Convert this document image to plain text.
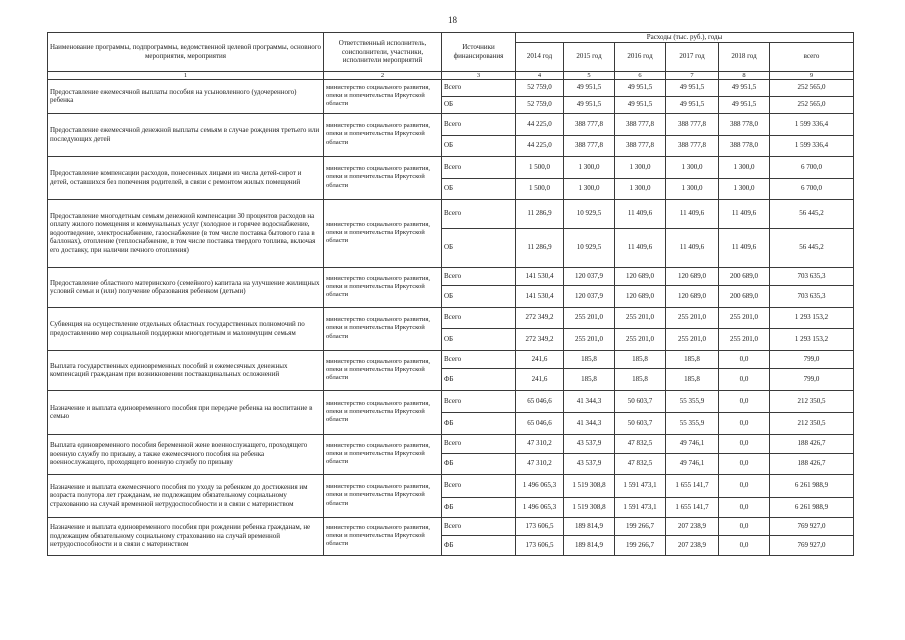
18
Наименование программы, подпрограммы, ведомственной целевой программы, основного мероприятия, мероприятия	Ответственный исполнитель, соисполнители, участники, исполнители мероприятий	Источники финансирования	Расходы (тыс. руб.), годы					
			2014 год	2015 год	2016 год	2017 год	2018 год	всего
1	2	3	4	5	6	7	8	9
Предоставление ежемесячной выплаты пособия на усыновленного (удочеренного) ребенка	министерство социального развития, опеки и попечительства Иркутской области	Всего	52 759,0	49 951,5	49 951,5	49 951,5	49 951,5	252 565,0
		ОБ	52 759,0	49 951,5	49 951,5	49 951,5	49 951,5	252 565,0
Предоставление ежемесячной денежной выплаты семьям в случае рождения третьего или последующих детей	министерство социального развития, опеки и попечительства Иркутской области	Всего	44 225,0	388 777,8	388 777,8	388 777,8	388 778,0	1 599 336,4
		ОБ	44 225,0	388 777,8	388 777,8	388 777,8	388 778,0	1 599 336,4
Предоставление компенсации расходов, понесенных лицами из числа детей-сирот и детей, оставшихся без попечения родителей, в связи с ремонтом жилых помещений	министерство социального развития, опеки и попечительства Иркутской области	Всего	1 500,0	1 300,0	1 300,0	1 300,0	1 300,0	6 700,0
		ОБ	1 500,0	1 300,0	1 300,0	1 300,0	1 300,0	6 700,0
Предоставление многодетным семьям денежной компенсации 30 процентов расходов на оплату жилого помещения и коммунальных услуг (холодное и горячее водоснабжение, водоотведение, электроснабжение, газоснабжение (в том числе поставка бытового газа в баллонах), отопление (теплоснабжение, в том числе поставка твердого топлива, включая его доставку, при наличии печного отопления)	министерство социального развития, опеки и попечительства Иркутской области	Всего	11 286,9	10 929,5	11 409,6	11 409,6	11 409,6	56 445,2
		ОБ	11 286,9	10 929,5	11 409,6	11 409,6	11 409,6	56 445,2
Предоставление областного материнского (семейного) капитала на улучшение жилищных условий семьи и (или) получение образования ребенком (детьми)	министерство социального развития, опеки и попечительства Иркутской области	Всего	141 530,4	120 037,9	120 689,0	120 689,0	200 689,0	703 635,3
		ОБ	141 530,4	120 037,9	120 689,0	120 689,0	200 689,0	703 635,3
Субвенция на осуществление отдельных областных государственных полномочий по предоставлению мер социальной поддержки многодетным и малоимущим семьям	министерство социального развития, опеки и попечительства Иркутской области	Всего	272 349,2	255 201,0	255 201,0	255 201,0	255 201,0	1 293 153,2
		ОБ	272 349,2	255 201,0	255 201,0	255 201,0	255 201,0	1 293 153,2
Выплата государственных единовременных пособий и ежемесячных денежных компенсаций гражданам при возникновении поствакцинальных осложнений	министерство социального развития, опеки и попечительства Иркутской области	Всего	241,6	185,8	185,8	185,8	0,0	799,0
		ФБ	241,6	185,8	185,8	185,8	0,0	799,0
Назначение и выплата единовременного пособия при передаче ребенка на воспитание в семью	министерство социального развития, опеки и попечительства Иркутской области	Всего	65 046,6	41 344,3	50 603,7	55 355,9	0,0	212 350,5
		ФБ	65 046,6	41 344,3	50 603,7	55 355,9	0,0	212 350,5
Выплата единовременного пособия беременной жене военнослужащего, проходящего военную службу по призыву, а также ежемесячного пособия на ребенка военнослужащего, проходящего военную службу по призыву	министерство социального развития, опеки и попечительства Иркутской области	Всего	47 310,2	43 537,9	47 832,5	49 746,1	0,0	188 426,7
		ФБ	47 310,2	43 537,9	47 832,5	49 746,1	0,0	188 426,7
Назначение и выплата ежемесячного пособия по уходу за ребенком до достижения им возраста полутора лет гражданам, не подлежащим обязательному социальному страхованию на случай временной нетрудоспособности и в связи с материнством	министерство социального развития, опеки и попечительства Иркутской области	Всего	1 496 065,3	1 519 308,8	1 591 473,1	1 655 141,7	0,0	6 261 988,9
		ФБ	1 496 065,3	1 519 308,8	1 591 473,1	1 655 141,7	0,0	6 261 988,9
Назначение и выплата единовременного пособия при рождении ребенка гражданам, не подлежащим обязательному социальному страхованию на случай временной нетрудоспособности и в связи с материнством	министерство социального развития, опеки и попечительства Иркутской области	Всего	173 606,5	189 814,9	199 266,7	207 238,9	0,0	769 927,0
		ФБ	173 606,5	189 814,9	199 266,7	207 238,9	0,0	769 927,0
